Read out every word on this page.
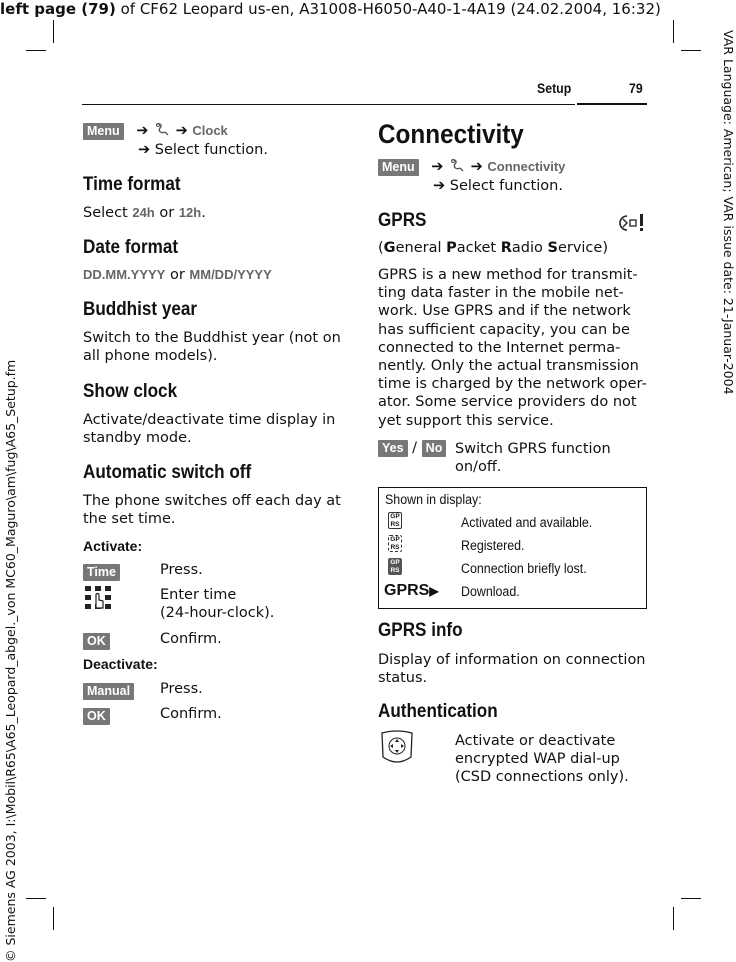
left page (79) of CF62 Leopard us-en, A31008-H6050-A40-1-4A19 (24.02.2004, 16:32)
VAR Language: American; VAR issue date: 21-Januar-2004
© Siemens AG 2003, I:\Mobil\R65\A65_Leopard_abgel._von MC60_Maguro\am\fug\A65_Setup.fm
Setup	79
Menu ➔ ➔ Clock
➔ Select function.
Time format
Select 24h or 12h.
Date format
DD.MM.YYYY or MM/DD/YYYY
Buddhist year
Switch to the Buddhist year (not on
all phone models).
Show clock
Activate/deactivate time display in
standby mode.
Automatic switch off
The phone switches off each day at
the set time.
Activate:
Time	Press.
Enter time
(24-hour-clock).
OK	Confirm.
Deactivate:
Manual Press.
OK	Confirm.
Connectivity
Menu ➔ ➔ Connectivity
➔ Select function.
GPRS
(General Packet Radio Service)
GPRS is a new method for transmit-
ting data faster in the mobile net-
work. Use GPRS and if the network
has sufficient capacity, you can be
connected to the Internet perma-
nently. Only the actual transmission
time is charged by the network oper-
ator. Some service providers do not
yet support this service.
Yes / No Switch GPRS function
on/off.
Shown in display:
GP RS	Activated and available.
GP RS	Registered.
GP RS	Connection briefly lost.
GPRS▶ Download.
GPRS info
Display of information on connection
status.
Authentication
Activate or deactivate
encrypted WAP dial-up
(CSD connections only).
